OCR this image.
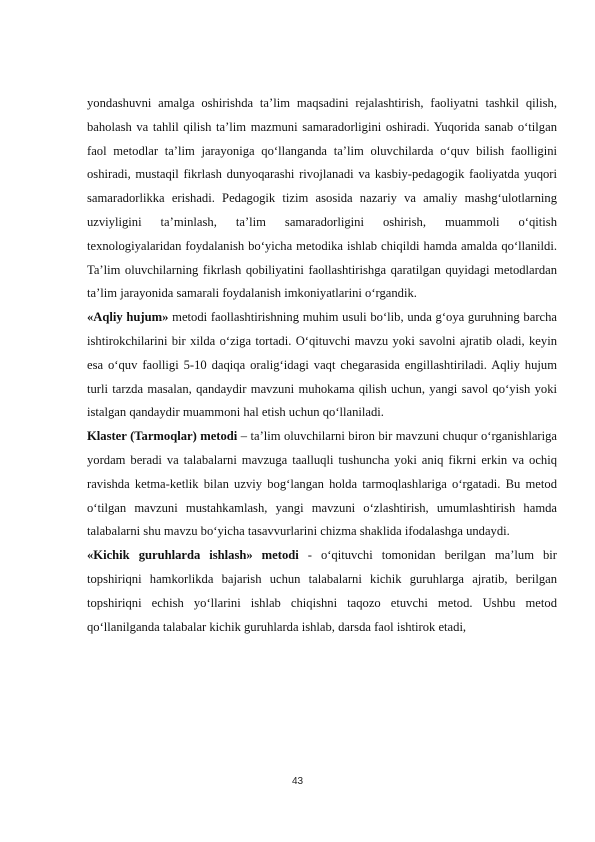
yondashuvni amalga oshirishda ta’lim maqsadini rejalashtirish, faoliyatni tashkil qilish, baholash va tahlil qilish ta’lim mazmuni samaradorligini oshiradi. Yuqorida sanab o‘tilgan faol metodlar ta’lim jarayoniga qo‘llanganda ta’lim oluvchilarda o‘quv bilish faolligini oshiradi, mustaqil fikrlash dunyoqarashi rivojlanadi va kasbiy-pedagogik faoliyatda yuqori samaradorlikka erishadi. Pedagogik tizim asosida nazariy va amaliy mashg‘ulotlarning uzviyligini ta’minlash, ta’lim samaradorligini oshirish, muammoli o‘qitish texnologiyalaridan foydalanish bo‘yicha metodika ishlab chiqildi hamda amalda qo‘llanildi. Ta’lim oluvchilarning fikrlash qobiliyatini faollashtirishga qaratilgan quyidagi metodlardan ta’lim jarayonida samarali foydalanish imkoniyatlarini o‘rgandik.

«Aqliy hujum» metodi faollashtirishning muhim usuli bo‘lib, unda g‘oya guruhning barcha ishtirokchilarini bir xilda o‘ziga tortadi. O‘qituvchi mavzu yoki savolni ajratib oladi, keyin esa o‘quv faolligi 5-10 daqiqa oralig‘idagi vaqt chegarasida engillashtiriladi. Aqliy hujum turli tarzda masalan, qandaydir mavzuni muhokama qilish uchun, yangi savol qo‘yish yoki istalgan qandaydir muammoni hal etish uchun qo‘llaniladi.

Klaster (Tarmoqlar) metodi – ta’lim oluvchilarni biron bir mavzuni chuqur o‘rganishlariga yordam beradi va talabalarni mavzuga taalluqli tushuncha yoki aniq fikrni erkin va ochiq ravishda ketma-ketlik bilan uzviy bog‘langan holda tarmoqlashlariga o‘rgatadi. Bu metod o‘tilgan mavzuni mustahkamlash, yangi mavzuni o‘zlashtirish, umumlashtirish hamda talabalarni shu mavzu bo‘yicha tasavvurlarini chizma shaklida ifodalashga undaydi.

«Kichik guruhlarda ishlash» metodi - o‘qituvchi tomonidan berilgan ma’lum bir topshiriqni hamkorlikda bajarish uchun talabalarni kichik guruhlarga ajratib, berilgan topshiriqni echish yo‘llarini ishlab chiqishni taqozo etuvchi metod. Ushbu metod qo‘llanilganda talabalar kichik guruhlarda ishlab, darsda faol ishtirok etadi,

43
